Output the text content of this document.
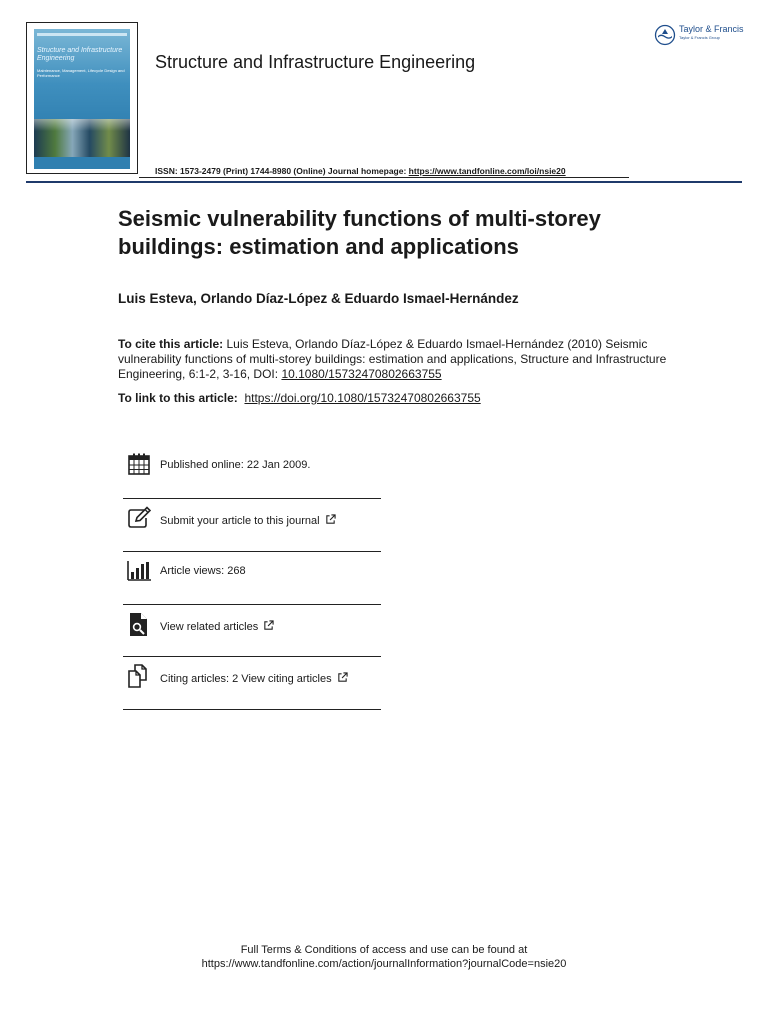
Structure and Infrastructure Engineering
Maintenance, Management, Lifecycle Design and Performance
Structure and Infrastructure Engineering
Taylor & Francis
Taylor & Francis Group
ISSN: 1573-2479 (Print) 1744-8980 (Online) Journal homepage: https://www.tandfonline.com/loi/nsie20
Seismic vulnerability functions of multi-storey buildings: estimation and applications
Luis Esteva, Orlando Díaz-López & Eduardo Ismael-Hernández
To cite this article: Luis Esteva, Orlando Díaz-López & Eduardo Ismael-Hernández (2010) Seismic vulnerability functions of multi-storey buildings: estimation and applications, Structure and Infrastructure Engineering, 6:1-2, 3-16, DOI: 10.1080/15732470802663755
To link to this article: https://doi.org/10.1080/15732470802663755
Published online: 22 Jan 2009.
Submit your article to this journal
Article views: 268
View related articles
Citing articles: 2 View citing articles
Full Terms & Conditions of access and use can be found at
https://www.tandfonline.com/action/journalInformation?journalCode=nsie20
